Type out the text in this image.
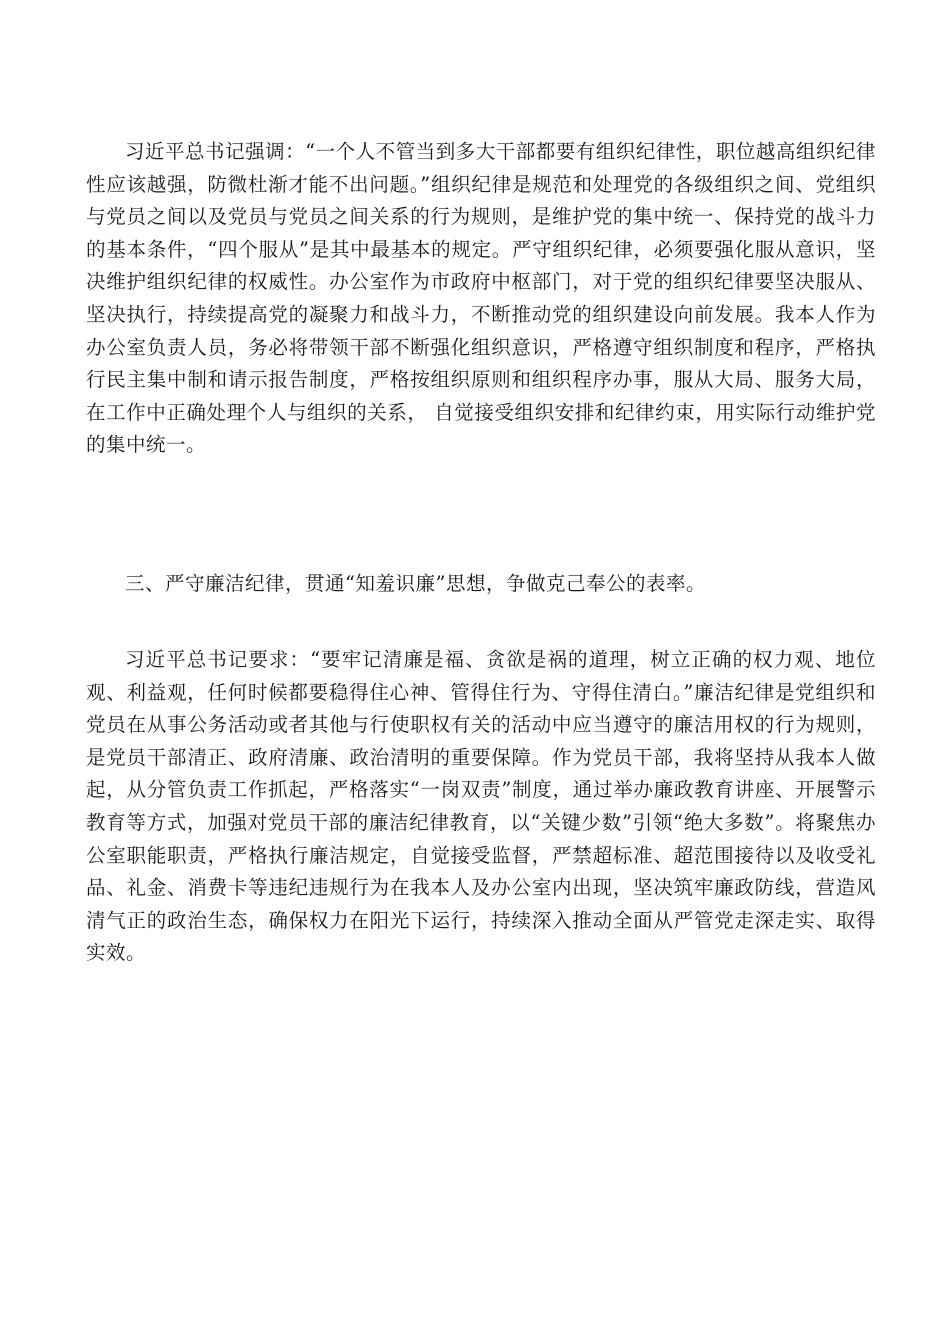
习近平总书记强调：“一个人不管当到多大干部都要有组织纪律性，职位越高组织纪律性应该越强，防微杜渐才能不出问题。”组织纪律是规范和处理党的各级组织之间、党组织与党员之间以及党员与党员之间关系的行为规则，是维护党的集中统一、保持党的战斗力的基本条件，“四个服从”是其中最基本的规定。严守组织纪律，必须要强化服从意识，坚决维护组织纪律的权威性。办公室作为市政府中枢部门，对于党的组织纪律要坚决服从、坚决执行，持续提高党的凝聚力和战斗力，不断推动党的组织建设向前发展。我本人作为办公室负责人员，务必将带领干部不断强化组织意识，严格遵守组织制度和程序，严格执行民主集中制和请示报告制度，严格按组织原则和组织程序办事，服从大局、服务大局，在工作中正确处理个人与组织的关系， 自觉接受组织安排和纪律约束，用实际行动维护党的集中统一。

三、严守廉洁纪律，贯通“知羞识廉”思想，争做克己奉公的表率。

习近平总书记要求：“要牢记清廉是福、贪欲是祸的道理，树立正确的权力观、地位观、利益观，任何时候都要稳得住心神、管得住行为、守得住清白。”廉洁纪律是党组织和党员在从事公务活动或者其他与行使职权有关的活动中应当遵守的廉洁用权的行为规则，是党员干部清正、政府清廉、政治清明的重要保障。作为党员干部，我将坚持从我本人做起，从分管负责工作抓起，严格落实“一岗双责”制度，通过举办廉政教育讲座、开展警示教育等方式，加强对党员干部的廉洁纪律教育，以“关键少数”引领“绝大多数”。将聚焦办公室职能职责，严格执行廉洁规定，自觉接受监督，严禁超标准、超范围接待以及收受礼品、礼金、消费卡等违纪违规行为在我本人及办公室内出现，坚决筑牢廉政防线，营造风清气正的政治生态，确保权力在阳光下运行，持续深入推动全面从严管党走深走实、取得实效。
